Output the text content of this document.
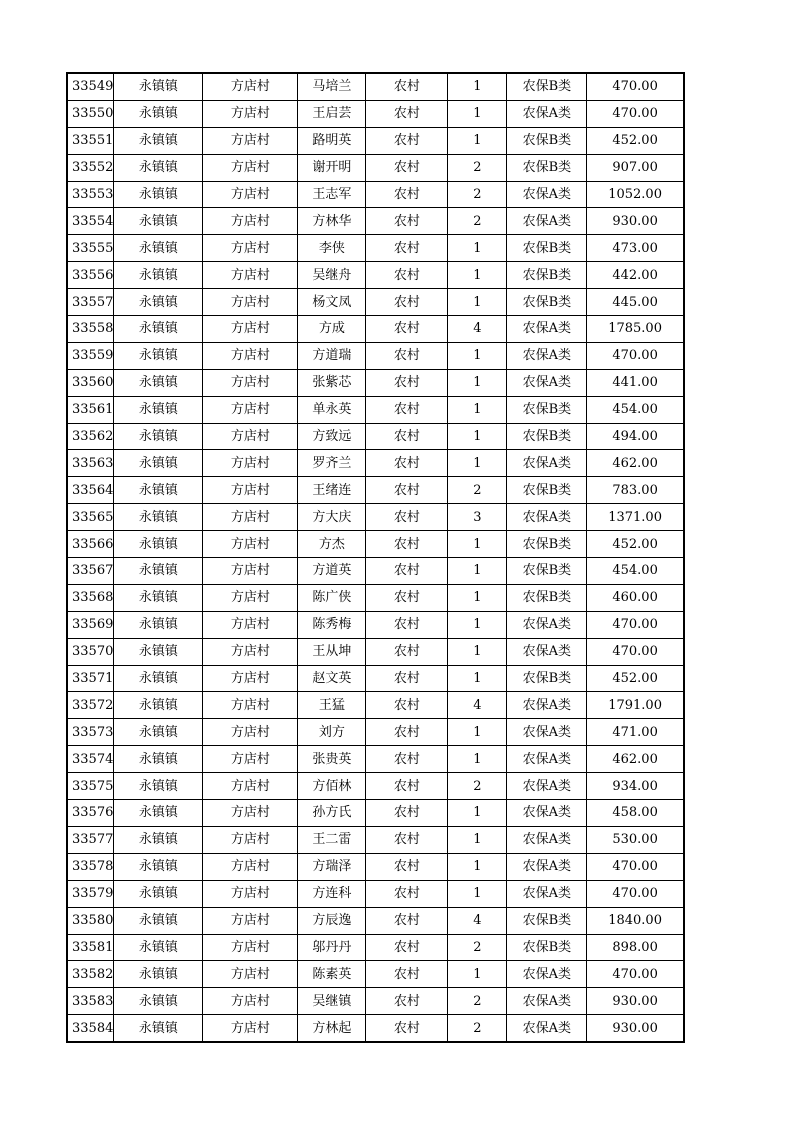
33549	永镇镇	方店村	马培兰	农村	1	农保B类	470.00
33550	永镇镇	方店村	王启芸	农村	1	农保A类	470.00
33551	永镇镇	方店村	路明英	农村	1	农保B类	452.00
33552	永镇镇	方店村	谢开明	农村	2	农保B类	907.00
33553	永镇镇	方店村	王志军	农村	2	农保A类	1052.00
33554	永镇镇	方店村	方林华	农村	2	农保A类	930.00
33555	永镇镇	方店村	李侠	农村	1	农保B类	473.00
33556	永镇镇	方店村	吴继舟	农村	1	农保B类	442.00
33557	永镇镇	方店村	杨文凤	农村	1	农保B类	445.00
33558	永镇镇	方店村	方成	农村	4	农保A类	1785.00
33559	永镇镇	方店村	方道瑞	农村	1	农保A类	470.00
33560	永镇镇	方店村	张紫芯	农村	1	农保A类	441.00
33561	永镇镇	方店村	单永英	农村	1	农保B类	454.00
33562	永镇镇	方店村	方致远	农村	1	农保B类	494.00
33563	永镇镇	方店村	罗齐兰	农村	1	农保A类	462.00
33564	永镇镇	方店村	王绪连	农村	2	农保B类	783.00
33565	永镇镇	方店村	方大庆	农村	3	农保A类	1371.00
33566	永镇镇	方店村	方杰	农村	1	农保B类	452.00
33567	永镇镇	方店村	方道英	农村	1	农保B类	454.00
33568	永镇镇	方店村	陈广侠	农村	1	农保B类	460.00
33569	永镇镇	方店村	陈秀梅	农村	1	农保A类	470.00
33570	永镇镇	方店村	王从坤	农村	1	农保A类	470.00
33571	永镇镇	方店村	赵文英	农村	1	农保B类	452.00
33572	永镇镇	方店村	王猛	农村	4	农保A类	1791.00
33573	永镇镇	方店村	刘方	农村	1	农保A类	471.00
33574	永镇镇	方店村	张贵英	农村	1	农保A类	462.00
33575	永镇镇	方店村	方佰林	农村	2	农保A类	934.00
33576	永镇镇	方店村	孙方氏	农村	1	农保A类	458.00
33577	永镇镇	方店村	王二雷	农村	1	农保A类	530.00
33578	永镇镇	方店村	方瑞泽	农村	1	农保A类	470.00
33579	永镇镇	方店村	方连科	农村	1	农保A类	470.00
33580	永镇镇	方店村	方辰逸	农村	4	农保B类	1840.00
33581	永镇镇	方店村	邬丹丹	农村	2	农保B类	898.00
33582	永镇镇	方店村	陈素英	农村	1	农保A类	470.00
33583	永镇镇	方店村	吴继镇	农村	2	农保A类	930.00
33584	永镇镇	方店村	方林起	农村	2	农保A类	930.00
